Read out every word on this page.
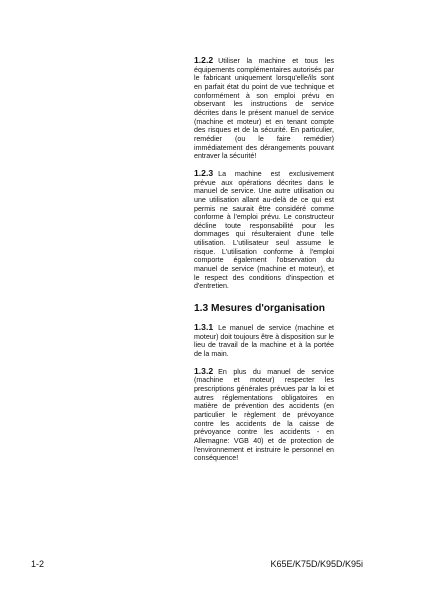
1.2.2 Utiliser la machine et tous les équipements complémentaires autorisés par le fabricant uniquement lorsqu'elle/ils sont en parfait état du point de vue technique et conformément à son emploi prévu en observant les instructions de service décrites dans le présent manuel de service (machine et moteur) et en tenant compte des risques et de la sécurité. En particulier, remédier (ou le faire remédier) immédiatement des dérangements pouvant entraver la sécurité!

1.2.3 La machine est exclusivement prévue aux opérations décrites dans le manuel de service. Une autre utilisation ou une utilisation allant au-delà de ce qui est permis ne saurait être considéré comme conforme à l'emploi prévu. Le constructeur décline toute responsabilité pour les dommages qui résulteraient d'une telle utilisation. L'utilisateur seul assume le risque. L'utilisation conforme à l'emploi comporte également l'observation du manuel de service (machine et moteur), et le respect des conditions d'inspection et d'entretien.

1.3 Mesures d'organisation

1.3.1 Le manuel de service (machine et moteur) doit toujours être à disposition sur le lieu de travail de la machine et à la portée de la main.

1.3.2 En plus du manuel de service (machine et moteur) respecter les prescriptions générales prévues par la loi et autres réglementations obligatoires en matière de prévention des accidents (en particulier le règlement de prévoyance contre les accidents de la caisse de prévoyance contre les accidents - en Allemagne: VGB 40) et de protection de l'environnement et instruire le personnel en conséquence!

1-2	K65E/K75D/K95D/K95i
